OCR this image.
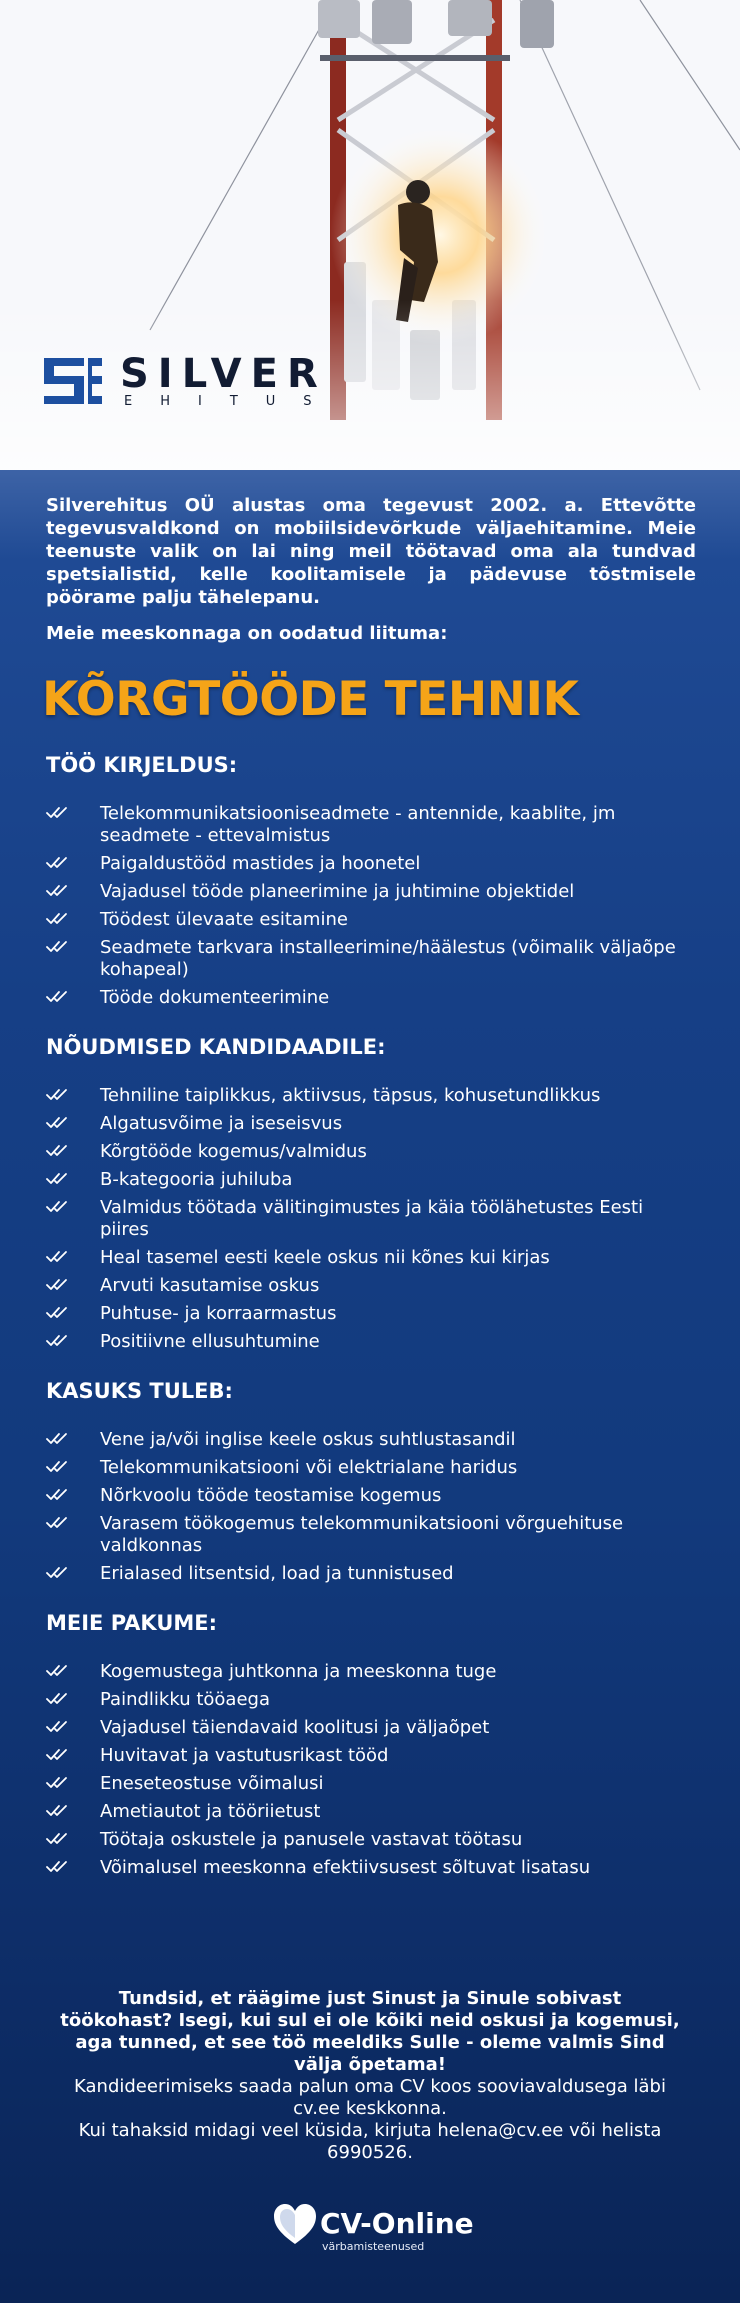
SILVER
EHITUS

Silverehitus OÜ alustas oma tegevust 2002. a. Ettevõtte tegevusvaldkond on mobiilsidevõrkude väljaehitamine. Meie teenuste valik on lai ning meil töötavad oma ala tundvad spetsialistid, kelle koolitamisele ja pädevuse tõstmisele pöörame palju tähelepanu.

Meie meeskonnaga on oodatud liituma:

KÕRGTÖÖDE TEHNIK
TÖÖ KIRJELDUS:
Telekommunikatsiooniseadmete - antennide, kaablite, jm seadmete - ettevalmistus
Paigaldustööd mastides ja hoonetel
Vajadusel tööde planeerimine ja juhtimine objektidel
Töödest ülevaate esitamine
Seadmete tarkvara installeerimine/häälestus (võimalik väljaõpe kohapeal)
Tööde dokumenteerimine
NÕUDMISED KANDIDAADILE:
Tehniline taiplikkus, aktiivsus, täpsus, kohusetundlikkus
Algatusvõime ja iseseisvus
Kõrgtööde kogemus/valmidus
B-kategooria juhiluba
Valmidus töötada välitingimustes ja käia töölähetustes Eesti piires
Heal tasemel eesti keele oskus nii kõnes kui kirjas
Arvuti kasutamise oskus
Puhtuse- ja korraarmastus
Positiivne ellusuhtumine
KASUKS TULEB:
Vene ja/või inglise keele oskus suhtlustasandil
Telekommunikatsiooni või elektrialane haridus
Nõrkvoolu tööde teostamise kogemus
Varasem töökogemus telekommunikatsiooni võrguehituse valdkonnas
Erialased litsentsid, load ja tunnistused
MEIE PAKUME:
Kogemustega juhtkonna ja meeskonna tuge
Paindlikku tööaega
Vajadusel täiendavaid koolitusi ja väljaõpet
Huvitavat ja vastutusrikast tööd
Eneseteostuse võimalusi
Ametiautot ja tööriietust
Töötaja oskustele ja panusele vastavat töötasu
Võimalusel meeskonna efektiivsusest sõltuvat lisatasu

Tundsid, et räägime just Sinust ja Sinule sobivast töökohast? Isegi, kui sul ei ole kõiki neid oskusi ja kogemusi, aga tunned, et see töö meeldiks Sulle - oleme valmis Sind välja õpetama!

Kandideerimiseks saada palun oma CV koos sooviavaldusega läbi cv.ee keskkonna.

Kui tahaksid midagi veel küsida, kirjuta helena@cv.ee või helista 6990526.

CV-Online
värbamisteenused
